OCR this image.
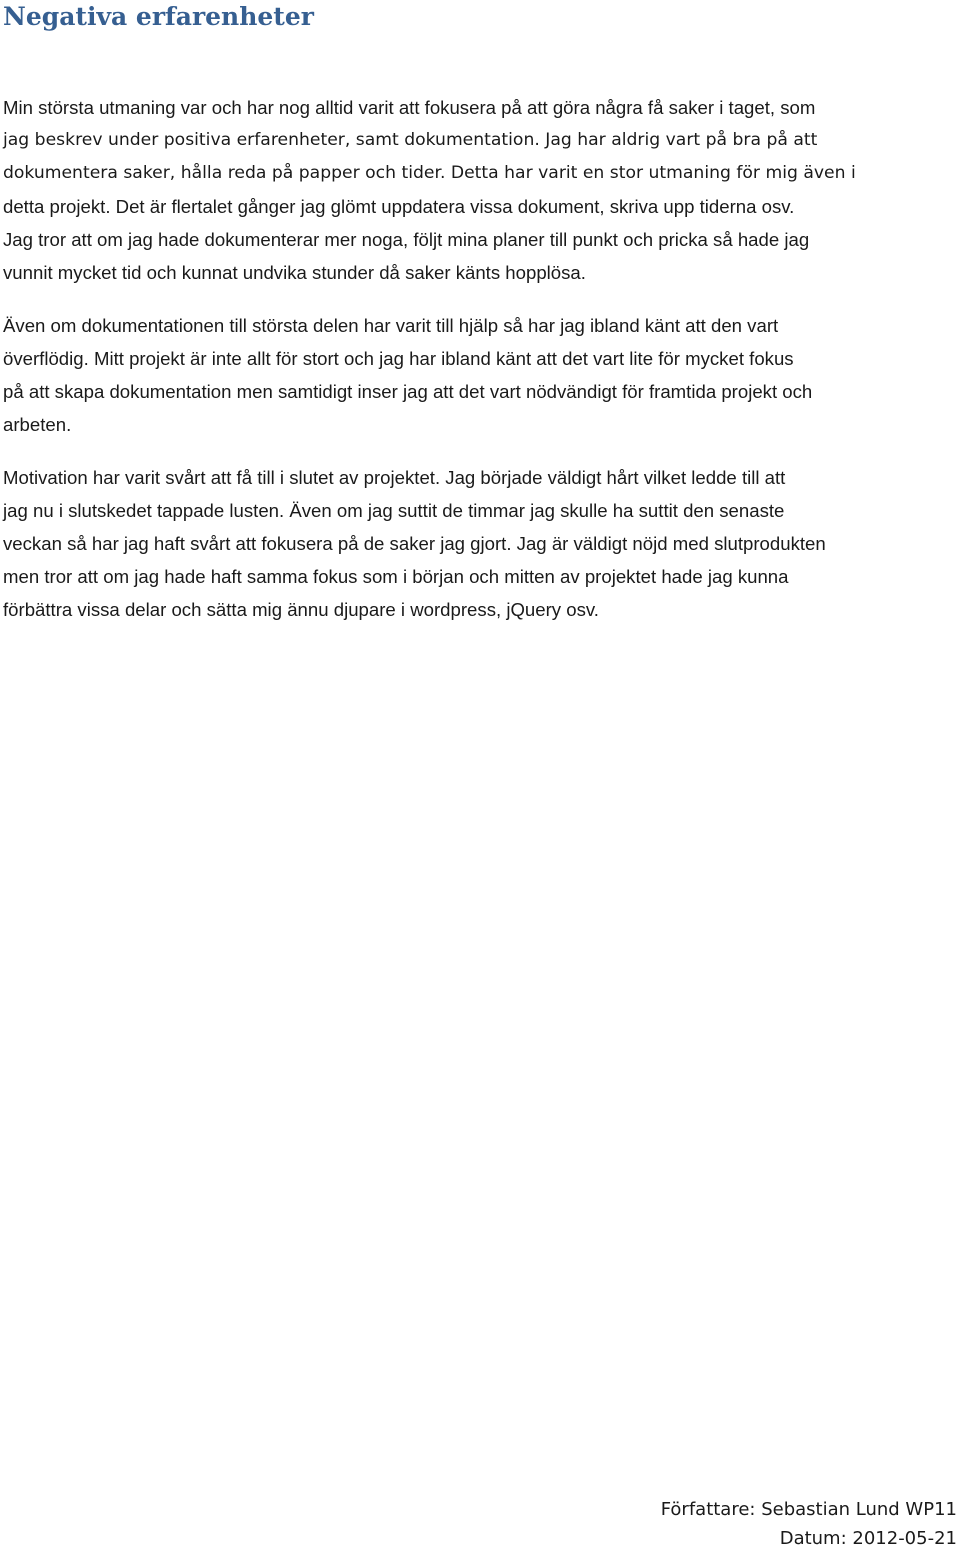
Negativa erfarenheter

Min största utmaning var och har nog alltid varit att fokusera på att göra några få saker i taget, som
jag beskrev under positiva erfarenheter, samt dokumentation. Jag har aldrig vart på bra på att
dokumentera saker, hålla reda på papper och tider. Detta har varit en stor utmaning för mig även i
detta projekt. Det är flertalet gånger jag glömt uppdatera vissa dokument, skriva upp tiderna osv.
Jag tror att om jag hade dokumenterar mer noga, följt mina planer till punkt och pricka så hade jag
vunnit mycket tid och kunnat undvika stunder då saker känts hopplösa.

Även om dokumentationen till största delen har varit till hjälp så har jag ibland känt att den vart
överflödig. Mitt projekt är inte allt för stort och jag har ibland känt att det vart lite för mycket fokus
på att skapa dokumentation men samtidigt inser jag att det vart nödvändigt för framtida projekt och
arbeten.

Motivation har varit svårt att få till i slutet av projektet. Jag började väldigt hårt vilket ledde till att
jag nu i slutskedet tappade lusten. Även om jag suttit de timmar jag skulle ha suttit den senaste
veckan så har jag haft svårt att fokusera på de saker jag gjort. Jag är väldigt nöjd med slutprodukten
men tror att om jag hade haft samma fokus som i början och mitten av projektet hade jag kunna
förbättra vissa delar och sätta mig ännu djupare i wordpress, jQuery osv.

Författare: Sebastian Lund WP11
Datum: 2012-05-21
